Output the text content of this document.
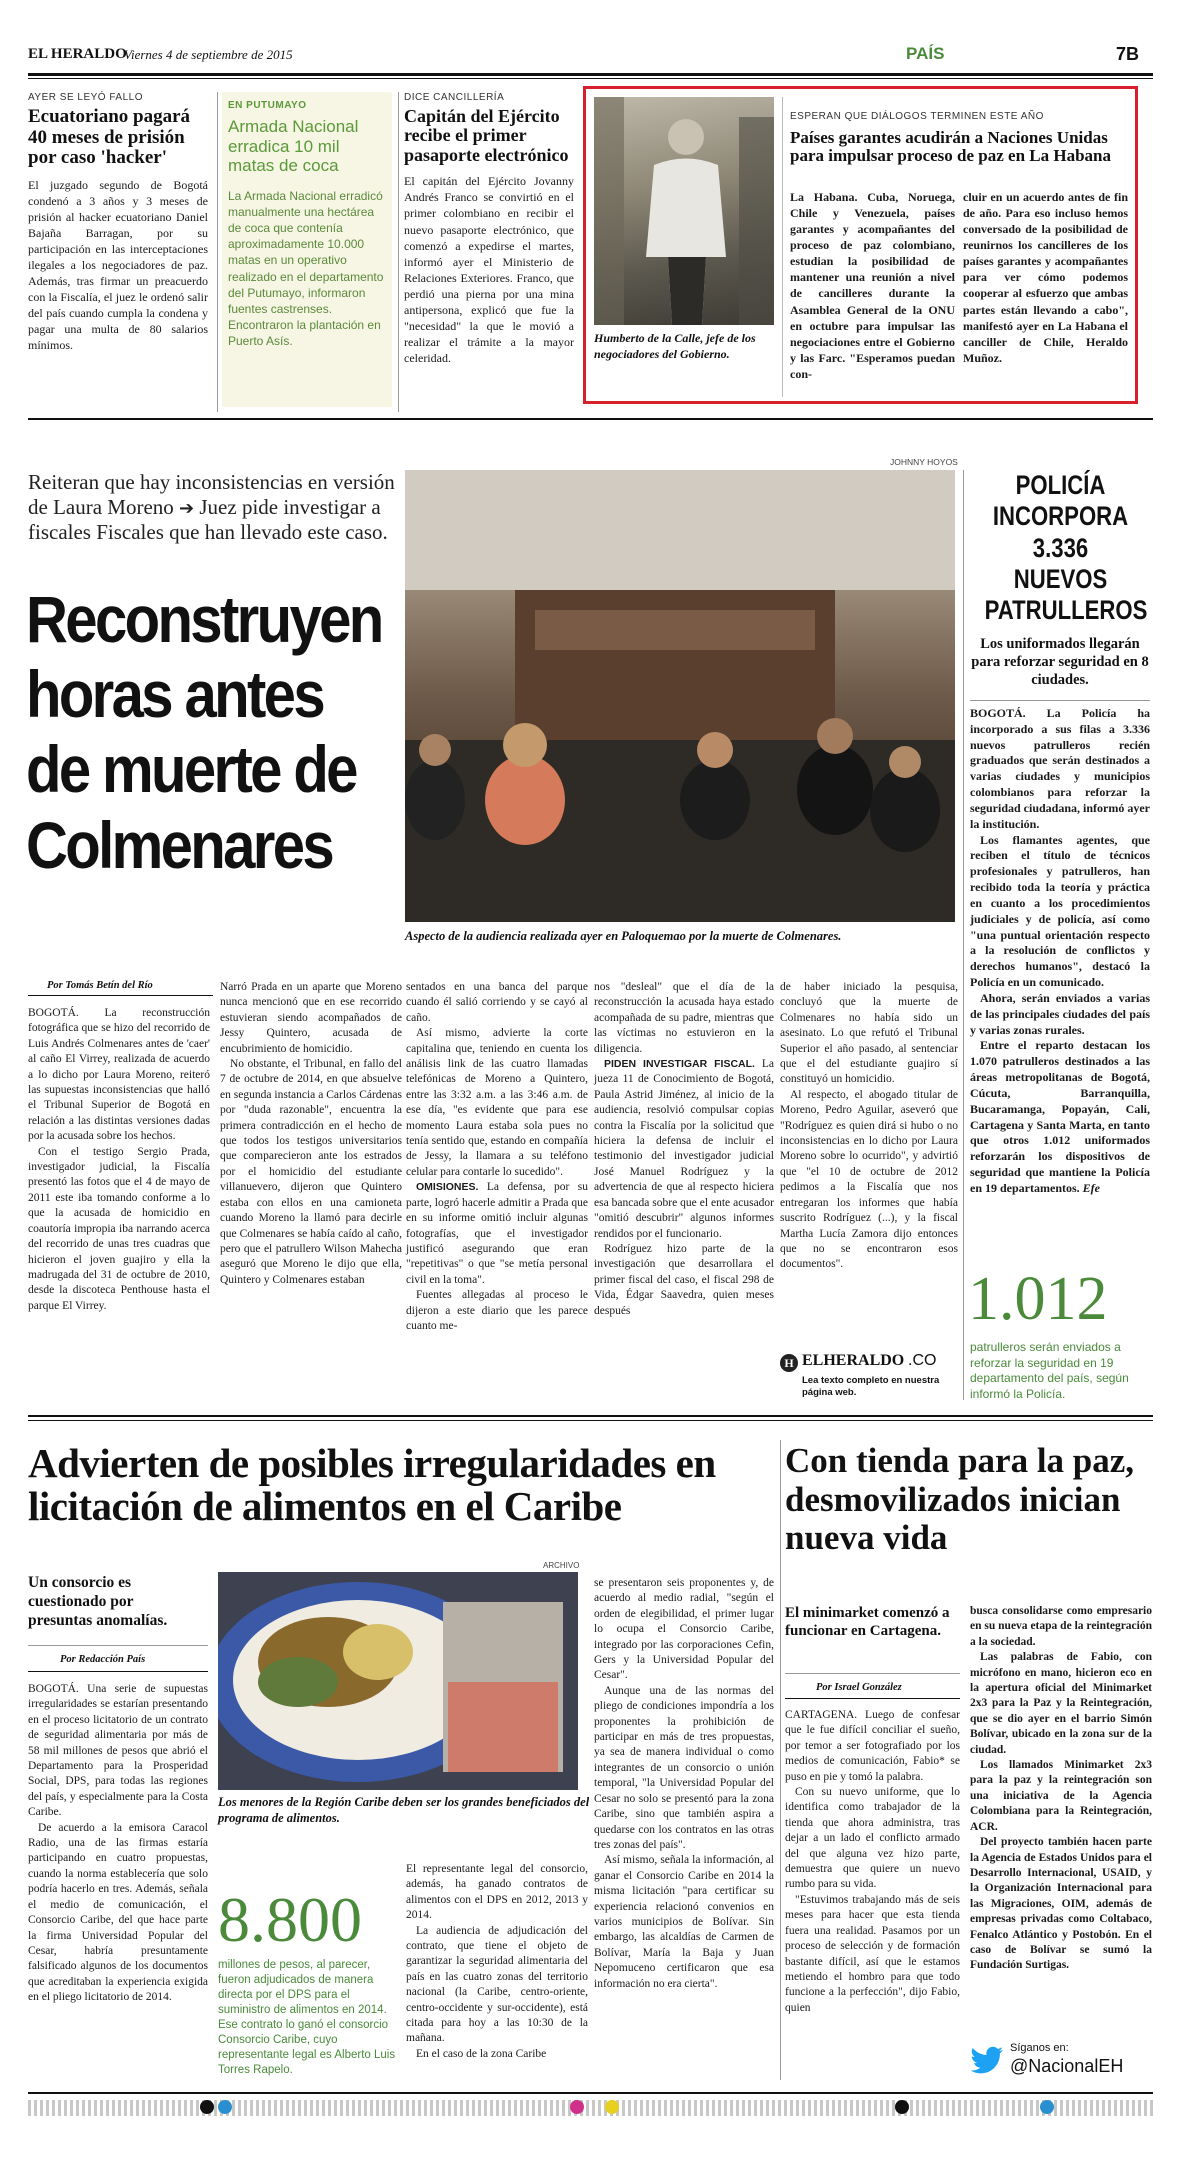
EL HERALDO
Viernes 4 de septiembre de 2015	PAÍS	7B
AYER SE LEYÓ FALLO
Ecuatoriano pagará 40 meses de prisión por caso 'hacker'

El juzgado segundo de Bogotá condenó a 3 años y 3 meses de prisión al hacker ecuatoriano Daniel Bajaña Barragan, por su participación en las interceptaciones ilegales a los negociadores de paz. Además, tras firmar un preacuerdo con la Fiscalía, el juez le ordenó salir del país cuando cumpla la condena y pagar una multa de 80 salarios mínimos.

EN PUTUMAYO
Armada Nacional erradica 10 mil matas de coca
La Armada Nacional erradicó manualmente una hectárea de coca que contenía aproximadamente 10.000 matas en un operativo realizado en el departamento del Putumayo, informaron fuentes castrenses. Encontraron la plantación en Puerto Asís.
DICE CANCILLERÍA
Capitán del Ejército recibe el primer pasaporte electrónico

El capitán del Ejército Jovanny Andrés Franco se convirtió en el primer colombiano en recibir el nuevo pasaporte electrónico, que comenzó a expedirse el martes, informó ayer el Ministerio de Relaciones Exteriores. Franco, que perdió una pierna por una mina antipersona, explicó que fue la "necesidad" la que le movió a realizar el trámite a la mayor celeridad.

Humberto de la Calle, jefe de los negociadores del Gobierno.
ESPERAN QUE DIÁLOGOS TERMINEN ESTE AÑO
Países garantes acudirán a Naciones Unidas para impulsar proceso de paz en La Habana

La Habana. Cuba, Noruega, Chile y Venezuela, países garantes y acompañantes del proceso de paz colombiano, estudian la posibilidad de mantener una reunión a nivel de cancilleres durante la Asamblea General de la ONU en octubre para impulsar las negociaciones entre el Gobierno y las Farc. "Esperamos puedan con-

cluir en un acuerdo antes de fin de año. Para eso incluso hemos conversado de la posibilidad de reunirnos los cancilleres de los países garantes y acompañantes para ver cómo podemos cooperar al esfuerzo que ambas partes están llevando a cabo", manifestó ayer en La Habana el canciller de Chile, Heraldo Muñoz.

Reiteran que hay inconsistencias en versión de Laura Moreno ➔ Juez pide investigar a fiscales Fiscales que han llevado este caso.
Reconstruyen horas antes de muerte de Colmenares
JOHNNY HOYOS
Aspecto de la audiencia realizada ayer en Paloquemao por la muerte de Colmenares.
Por Tomás Betín del Río

BOGOTÁ. La reconstrucción fotográfica que se hizo del recorrido de Luis Andrés Colmenares antes de 'caer' al caño El Virrey, realizada de acuerdo a lo dicho por Laura Moreno, reiteró las supuestas inconsistencias que halló el Tribunal Superior de Bogotá en relación a las distintas versiones dadas por la acusada sobre los hechos.

Con el testigo Sergio Prada, investigador judicial, la Fiscalía presentó las fotos que el 4 de mayo de 2011 este iba tomando conforme a lo que la acusada de homicidio en coautoría impropia iba narrando acerca del recorrido de unas tres cuadras que hicieron el joven guajiro y ella la madrugada del 31 de octubre de 2010, desde la discoteca Penthouse hasta el parque El Virrey.

Narró Prada en un aparte que Moreno nunca mencionó que en ese recorrido estuvieran siendo acompañados de Jessy Quintero, acusada de encubrimiento de homicidio.

No obstante, el Tribunal, en fallo del 7 de octubre de 2014, en que absuelve en segunda instancia a Carlos Cárdenas por "duda razonable", encuentra la primera contradicción en el hecho de que todos los testigos universitarios que comparecieron ante los estrados por el homicidio del estudiante villanuevero, dijeron que Quintero estaba con ellos en una camioneta cuando Moreno la llamó para decirle que Colmenares se había caído al caño, pero que el patrullero Wilson Mahecha aseguró que Moreno le dijo que ella, Quintero y Colmenares estaban

sentados en una banca del parque cuando él salió corriendo y se cayó al caño.

Así mismo, advierte la corte capitalina que, teniendo en cuenta los análisis link de las cuatro llamadas telefónicas de Moreno a Quintero, entre las 3:32 a.m. a las 3:46 a.m. de ese día, "es evidente que para ese momento Laura estaba sola pues no tenía sentido que, estando en compañía de Jessy, la llamara a su teléfono celular para contarle lo sucedido".

OMISIONES. La defensa, por su parte, logró hacerle admitir a Prada que en su informe omitió incluir algunas fotografías, que el investigador justificó asegurando que eran "repetitivas" o que "se metía personal civil en la toma".

Fuentes allegadas al proceso le dijeron a este diario que les parece cuanto me-

nos "desleal" que el día de la reconstrucción la acusada haya estado acompañada de su padre, mientras que las víctimas no estuvieron en la diligencia.

PIDEN INVESTIGAR FISCAL. La jueza 11 de Conocimiento de Bogotá, Paula Astrid Jiménez, al inicio de la audiencia, resolvió compulsar copias contra la Fiscalía por la solicitud que hiciera la defensa de incluir el testimonio del investigador judicial José Manuel Rodríguez y la advertencia de que al respecto hiciera esa bancada sobre que el ente acusador "omitió descubrir" algunos informes rendidos por el funcionario.

Rodríguez hizo parte de la investigación que desarrollara el primer fiscal del caso, el fiscal 298 de Vida, Édgar Saavedra, quien meses después

de haber iniciado la pesquisa, concluyó que la muerte de Colmenares no había sido un asesinato. Lo que refutó el Tribunal Superior el año pasado, al sentenciar que el del estudiante guajiro sí constituyó un homicidio.

Al respecto, el abogado titular de Moreno, Pedro Aguilar, aseveró que "Rodríguez es quien dirá si hubo o no inconsistencias en lo dicho por Laura Moreno sobre lo ocurrido", y advirtió que "el 10 de octubre de 2012 pedimos a la Fiscalía que nos entregaran los informes que había suscrito Rodríguez (...), y la fiscal Martha Lucía Zamora dijo entonces que no se encontraron esos documentos".

H ELHERALDO .CO
Lea texto completo en nuestra página web.
POLICÍA INCORPORA 3.336 NUEVOS PATRULLEROS
Los uniformados llegarán para reforzar seguridad en 8 ciudades.

BOGOTÁ. La Policía ha incorporado a sus filas a 3.336 nuevos patrulleros recién graduados que serán destinados a varias ciudades y municipios colombianos para reforzar la seguridad ciudadana, informó ayer la institución.

Los flamantes agentes, que reciben el título de técnicos profesionales y patrulleros, han recibido toda la teoría y práctica en cuanto a los procedimientos judiciales y de policía, así como "una puntual orientación respecto a la resolución de conflictos y derechos humanos", destacó la Policía en un comunicado.

Ahora, serán enviados a varias de las principales ciudades del país y varias zonas rurales.

Entre el reparto destacan los 1.070 patrulleros destinados a las áreas metropolitanas de Bogotá, Cúcuta, Barranquilla, Bucaramanga, Popayán, Cali, Cartagena y Santa Marta, en tanto que otros 1.012 uniformados reforzarán los dispositivos de seguridad que mantiene la Policía en 19 departamentos. Efe

1.012
patrulleros serán enviados a reforzar la seguridad en 19 departamento del país, según informó la Policía.
Advierten de posibles irregularidades en licitación de alimentos en el Caribe
Un consorcio es cuestionado por presuntas anomalías.
Por Redacción País
ARCHIVO
Los menores de la Región Caribe deben ser los grandes beneficiados del programa de alimentos.

BOGOTÁ. Una serie de supuestas irregularidades se estarían presentando en el proceso licitatorio de un contrato de seguridad alimentaria por más de 58 mil millones de pesos que abrió el Departamento para la Prosperidad Social, DPS, para todas las regiones del país, y especialmente para la Costa Caribe.

De acuerdo a la emisora Caracol Radio, una de las firmas estaría participando en cuatro propuestas, cuando la norma establecería que solo podría hacerlo en tres. Además, señala el medio de comunicación, el Consorcio Caribe, del que hace parte la firma Universidad Popular del Cesar, habría presuntamente falsificado algunos de los documentos que acreditaban la experiencia exigida en el pliego licitatorio de 2014.

8.800
millones de pesos, al parecer, fueron adjudicados de manera directa por el DPS para el suministro de alimentos en 2014. Ese contrato lo ganó el consorcio Consorcio Caribe, cuyo representante legal es Alberto Luis Torres Rapelo.

El representante legal del consorcio, además, ha ganado contratos de alimentos con el DPS en 2012, 2013 y 2014.

La audiencia de adjudicación del contrato, que tiene el objeto de garantizar la seguridad alimentaria del país en las cuatro zonas del territorio nacional (la Caribe, centro-oriente, centro-occidente y sur-occidente), está citada para hoy a las 10:30 de la mañana.

En el caso de la zona Caribe

se presentaron seis proponentes y, de acuerdo al medio radial, "según el orden de elegibilidad, el primer lugar lo ocupa el Consorcio Caribe, integrado por las corporaciones Cefin, Gers y la Universidad Popular del Cesar".

Aunque una de las normas del pliego de condiciones impondría a los proponentes la prohibición de participar en más de tres propuestas, ya sea de manera individual o como integrantes de un consorcio o unión temporal, "la Universidad Popular del Cesar no solo se presentó para la zona Caribe, sino que también aspira a quedarse con los contratos en las otras tres zonas del país".

Así mismo, señala la información, al ganar el Consorcio Caribe en 2014 la misma licitación "para certificar su experiencia relacionó convenios en varios municipios de Bolívar. Sin embargo, las alcaldías de Carmen de Bolívar, María la Baja y Juan Nepomuceno certificaron que esa información no era cierta".

Con tienda para la paz, desmovilizados inician nueva vida
El minimarket comenzó a funcionar en Cartagena.
Por Israel González

CARTAGENA. Luego de confesar que le fue difícil conciliar el sueño, por temor a ser fotografiado por los medios de comunicación, Fabio* se puso en pie y tomó la palabra.

Con su nuevo uniforme, que lo identifica como trabajador de la tienda que ahora administra, tras dejar a un lado el conflicto armado del que alguna vez hizo parte, demuestra que quiere un nuevo rumbo para su vida.

"Estuvimos trabajando más de seis meses para hacer que esta tienda fuera una realidad. Pasamos por un proceso de selección y de formación bastante difícil, así que le estamos metiendo el hombro para que todo funcione a la perfección", dijo Fabio, quien

busca consolidarse como empresario en su nueva etapa de la reintegración a la sociedad.

Las palabras de Fabio, con micrófono en mano, hicieron eco en la apertura oficial del Minimarket 2x3 para la Paz y la Reintegración, que se dio ayer en el barrio Simón Bolívar, ubicado en la zona sur de la ciudad.

Los llamados Minimarket 2x3 para la paz y la reintegración son una iniciativa de la Agencia Colombiana para la Reintegración, ACR.

Del proyecto también hacen parte la Agencia de Estados Unidos para el Desarrollo Internacional, USAID, y la Organización Internacional para las Migraciones, OIM, además de empresas privadas como Coltabaco, Fenalco Atlántico y Postobón. En el caso de Bolívar se sumó la Fundación Surtigas.

Síganos en:
@NacionalEH
